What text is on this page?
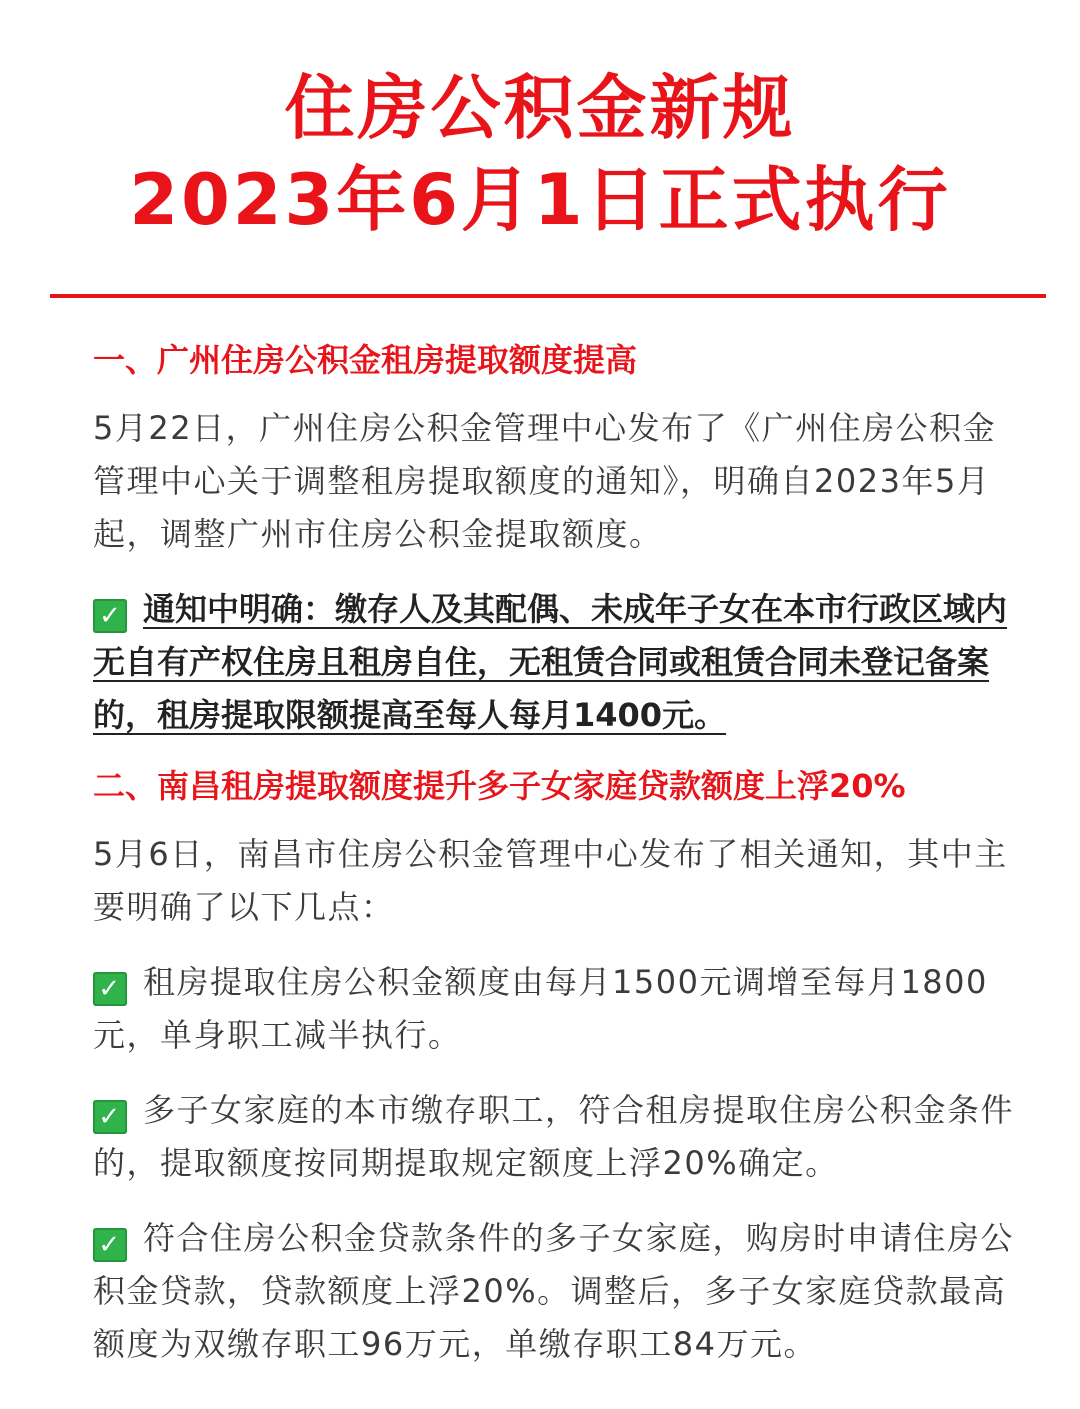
住房公积金新规
2023年6月1日正式执行
一、广州住房公积金租房提取额度提高
5月22日，广州住房公积金管理中心发布了《广州住房公积金管理中心关于调整租房提取额度的通知》，明确自2023年5月起，调整广州市住房公积金提取额度。
✓ 通知中明确：缴存人及其配偶、未成年子女在本市行政区域内无自有产权住房且租房自住，无租赁合同或租赁合同未登记备案的，租房提取限额提高至每人每月1400元。
二、南昌租房提取额度提升多子女家庭贷款额度上浮20%
5月6日，南昌市住房公积金管理中心发布了相关通知，其中主要明确了以下几点：
✓ 租房提取住房公积金额度由每月1500元调增至每月1800 元，单身职工减半执行。
✓ 多子女家庭的本市缴存职工，符合租房提取住房公积金条件的，提取额度按同期提取规定额度上浮20%确定。
✓ 符合住房公积金贷款条件的多子女家庭，购房时申请住房公积金贷款，贷款额度上浮20%。调整后，多子女家庭贷款最高额度为双缴存职工96万元，单缴存职工84万元。
